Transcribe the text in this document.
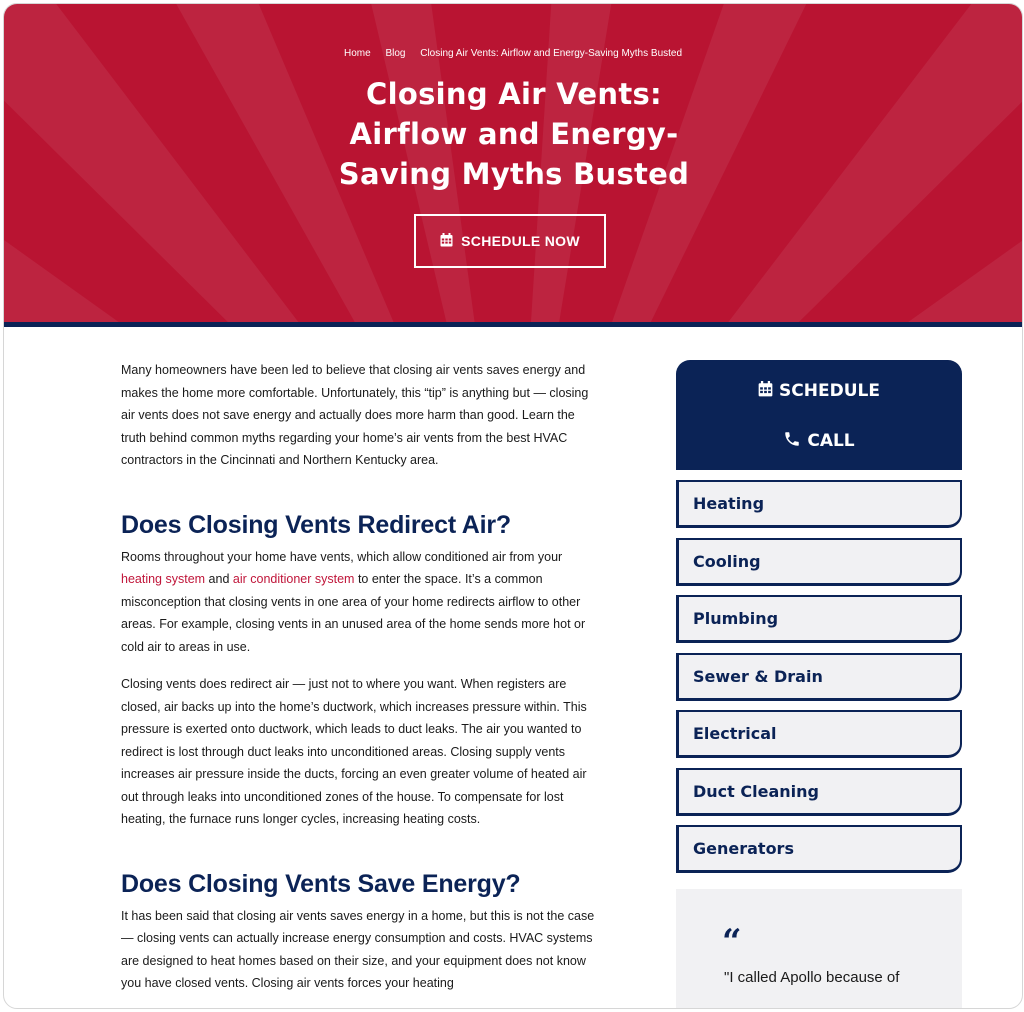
Home Blog Closing Air Vents: Airflow and Energy-Saving Myths Busted
Closing Air Vents:
Airflow and Energy-
Saving Myths Busted
SCHEDULE NOW

Many homeowners have been led to believe that closing air vents saves energy and makes the home more comfortable. Unfortunately, this “tip” is anything but — closing air vents does not save energy and actually does more harm than good. Learn the truth behind common myths regarding your home’s air vents from the best HVAC contractors in the Cincinnati and Northern Kentucky area.

Does Closing Vents Redirect Air?

Rooms throughout your home have vents, which allow conditioned air from your heating system and air conditioner system to enter the space. It’s a common misconception that closing vents in one area of your home redirects airflow to other areas. For example, closing vents in an unused area of the home sends more hot or cold air to areas in use.

Closing vents does redirect air — just not to where you want. When registers are closed, air backs up into the home’s ductwork, which increases pressure within. This pressure is exerted onto ductwork, which leads to duct leaks. The air you wanted to redirect is lost through duct leaks into unconditioned areas. Closing supply vents increases air pressure inside the ducts, forcing an even greater volume of heated air out through leaks into unconditioned zones of the house. To compensate for lost heating, the furnace runs longer cycles, increasing heating costs.

Does Closing Vents Save Energy?

It has been said that closing air vents saves energy in a home, but this is not the case — closing vents can actually increase energy consumption and costs. HVAC systems are designed to heat homes based on their size, and your equipment does not know you have closed vents. Closing air vents forces your heating

SCHEDULE
CALL
Heating
Cooling
Plumbing
Sewer & Drain
Electrical
Duct Cleaning
Generators
“
"I called Apollo because of
